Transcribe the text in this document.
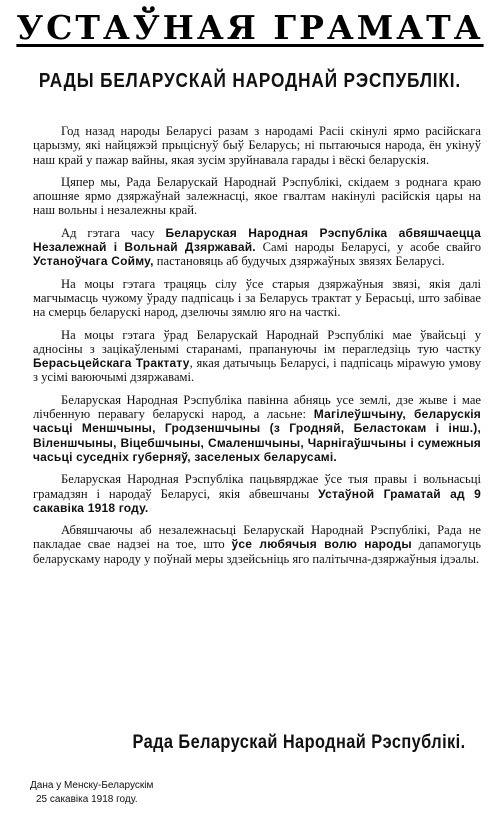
УСТАЎНАЯ ГРАМАТА
РАДЫ БЕЛАРУСКАЙ НАРОДНАЙ РЭСПУБЛІКІ.

Год назад народы Беларусі разам з народамі Расіі скінулі ярмо расійскага царызму, які найцяжэй прыціснуў быў Беларусь; ні пытаючыся народа, ён укінуў наш край у пажар вайны, якая зусім зруйнавала гарады і вёскі беларускія.

Цяпер мы, Рада Беларускай Народнай Рэспублікі, скідаем з роднага краю апошняе ярмо дзяржаўнай залежнасці, якое гвалтам накінулі расійскія цары на наш вольны і незалежны край.

Ад гэтага часу Беларуская Народная Рэспубліка абвяшчаецца Незалежнай і Вольнай Дзяржавай. Самі народы Беларусі, у асобе свайго Устаноўчага Сойму, пастановяць аб будучых дзяржаўных звязях Беларусі.

На моцы гэтага трацяць сілу ўсе старыя дзяржаўныя звязі, якія далі магчымасць чужому ўраду падпісаць і за Беларусь трактат у Берасьці, што забівае на смерць беларускі народ, дзелючы зямлю яго на часткі.

На моцы гэтага ўрад Беларускай Народнай Рэспублікі мае ўвайсьці у адносіны з зацікаўленымі старанамі, прапануючы ім перагледзіць тую частку Берасьцейскага Трактату, якая датычыць Беларусі, і падпісаць мірawую умову з усімі ваюючымі дзяржавамі.

Беларуская Народная Рэспубліка павінна абняць усе землі, дзе жыве і мае лічбенную перавагу беларускі народ, а ласьне: Магілеўшчыну, беларускія часьці Меншчыны, Гродзеншчыны (з Гродняй, Беластокам і інш.), Віленшчыны, Віцебшчыны, Смаленшчыны, Чарнігаўшчыны і сумежныя часьці суседніх губерняў, заселеных беларусамі.

Беларуская Народная Рэспубліка пацьвярджае ўсе тыя правы і вольнасьці грамадзян і народаў Беларусі, якія абвешчаны Устаўной Граматай ад 9 сакавіка 1918 году.

Абвяшчаючы аб незалежнасьці Беларускай Народнай Рэспублікі, Рада не пакладае свае надзеі на тое, што ўсе любячыя волю народы дапамогуць беларускаму народу у поўнай меры здзейсьніць яго палітычна-дзяржаўныя ідэалы.

Рада Беларускай Народнай Рэспублікі.
Дана у Менску-Беларускім
25 сакавіка 1918 году.
